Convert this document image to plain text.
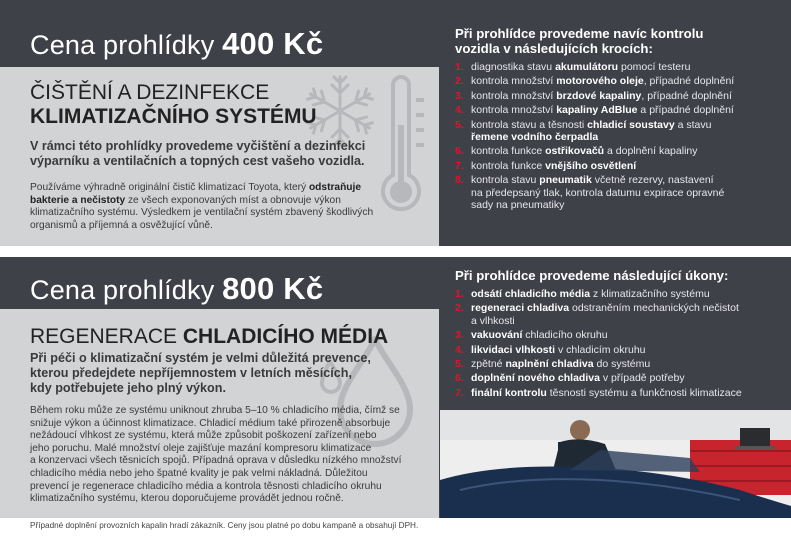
Cena prohlídky 400 Kč
ČIŠTĚNÍ A DEZINFEKCE
KLIMATIZAČNÍHO SYSTÉMU
V rámci této prohlídky provedeme vyčištění a dezinfekci
výparníku a ventilačních a topných cest vašeho vozidla.
Používáme výhradně originální čistič klimatizací Toyota, který odstraňuje
bakterie a nečistoty ze všech exponovaných míst a obnovuje výkon
klimatizačního systému. Výsledkem je ventilační systém zbavený škodlivých
organismů a příjemná a osvěžující vůně.
Při prohlídce provedeme navíc kontrolu
vozidla v následujících krocích:
1. diagnostika stavu akumulátoru pomocí testeru
2. kontrola množství motorového oleje, případné doplnění
3. kontrola množství brzdové kapaliny, případné doplnění
4. kontrola množství kapaliny AdBlue a případné doplnění
5. kontrola stavu a těsnosti chladicí soustavy a stavu
řemene vodního čerpadla
6. kontrola funkce ostřikovačů a doplnění kapaliny
7. kontrola funkce vnějšího osvětlení
8. kontrola stavu pneumatik včetně rezervy, nastavení
na předepsaný tlak, kontrola datumu expirace opravné
sady na pneumatiky
Cena prohlídky 800 Kč
REGENERACE CHLADICÍHO MÉDIA
Při péči o klimatizační systém je velmi důležitá prevence,
kterou předejdete nepříjemnostem v letních měsících,
kdy potřebujete jeho plný výkon.
Během roku může ze systému uniknout zhruba 5–10 % chladicího média, čímž se
snižuje výkon a účinnost klimatizace. Chladicí médium také přirozeně absorbuje
nežádoucí vlhkost ze systému, která může způsobit poškození zařízení nebo
jeho poruchu. Malé množství oleje zajišťuje mazání kompresoru klimatizace
a konzervaci všech těsnicích spojů. Případná oprava v důsledku nízkého množství
chladicího média nebo jeho špatné kvality je pak velmi nákladná. Důležitou
prevencí je regenerace chladicího média a kontrola těsnosti chladicího okruhu
klimatizačního systému, kterou doporučujeme provádět jednou ročně.
Při prohlídce provedeme následující úkony:
1. odsátí chladicího média z klimatizačního systému
2. regeneraci chladiva odstraněním mechanických nečistot
a vlhkosti
3. vakuování chladicího okruhu
4. likvidaci vlhkosti v chladicím okruhu
5. zpětné naplnění chladiva do systému
6. doplnění nového chladiva v případě potřeby
7. finální kontrolu těsnosti systému a funkčnosti klimatizace
Případné doplnění provozních kapalin hradí zákazník. Ceny jsou platné po dobu kampaně a obsahují DPH.
